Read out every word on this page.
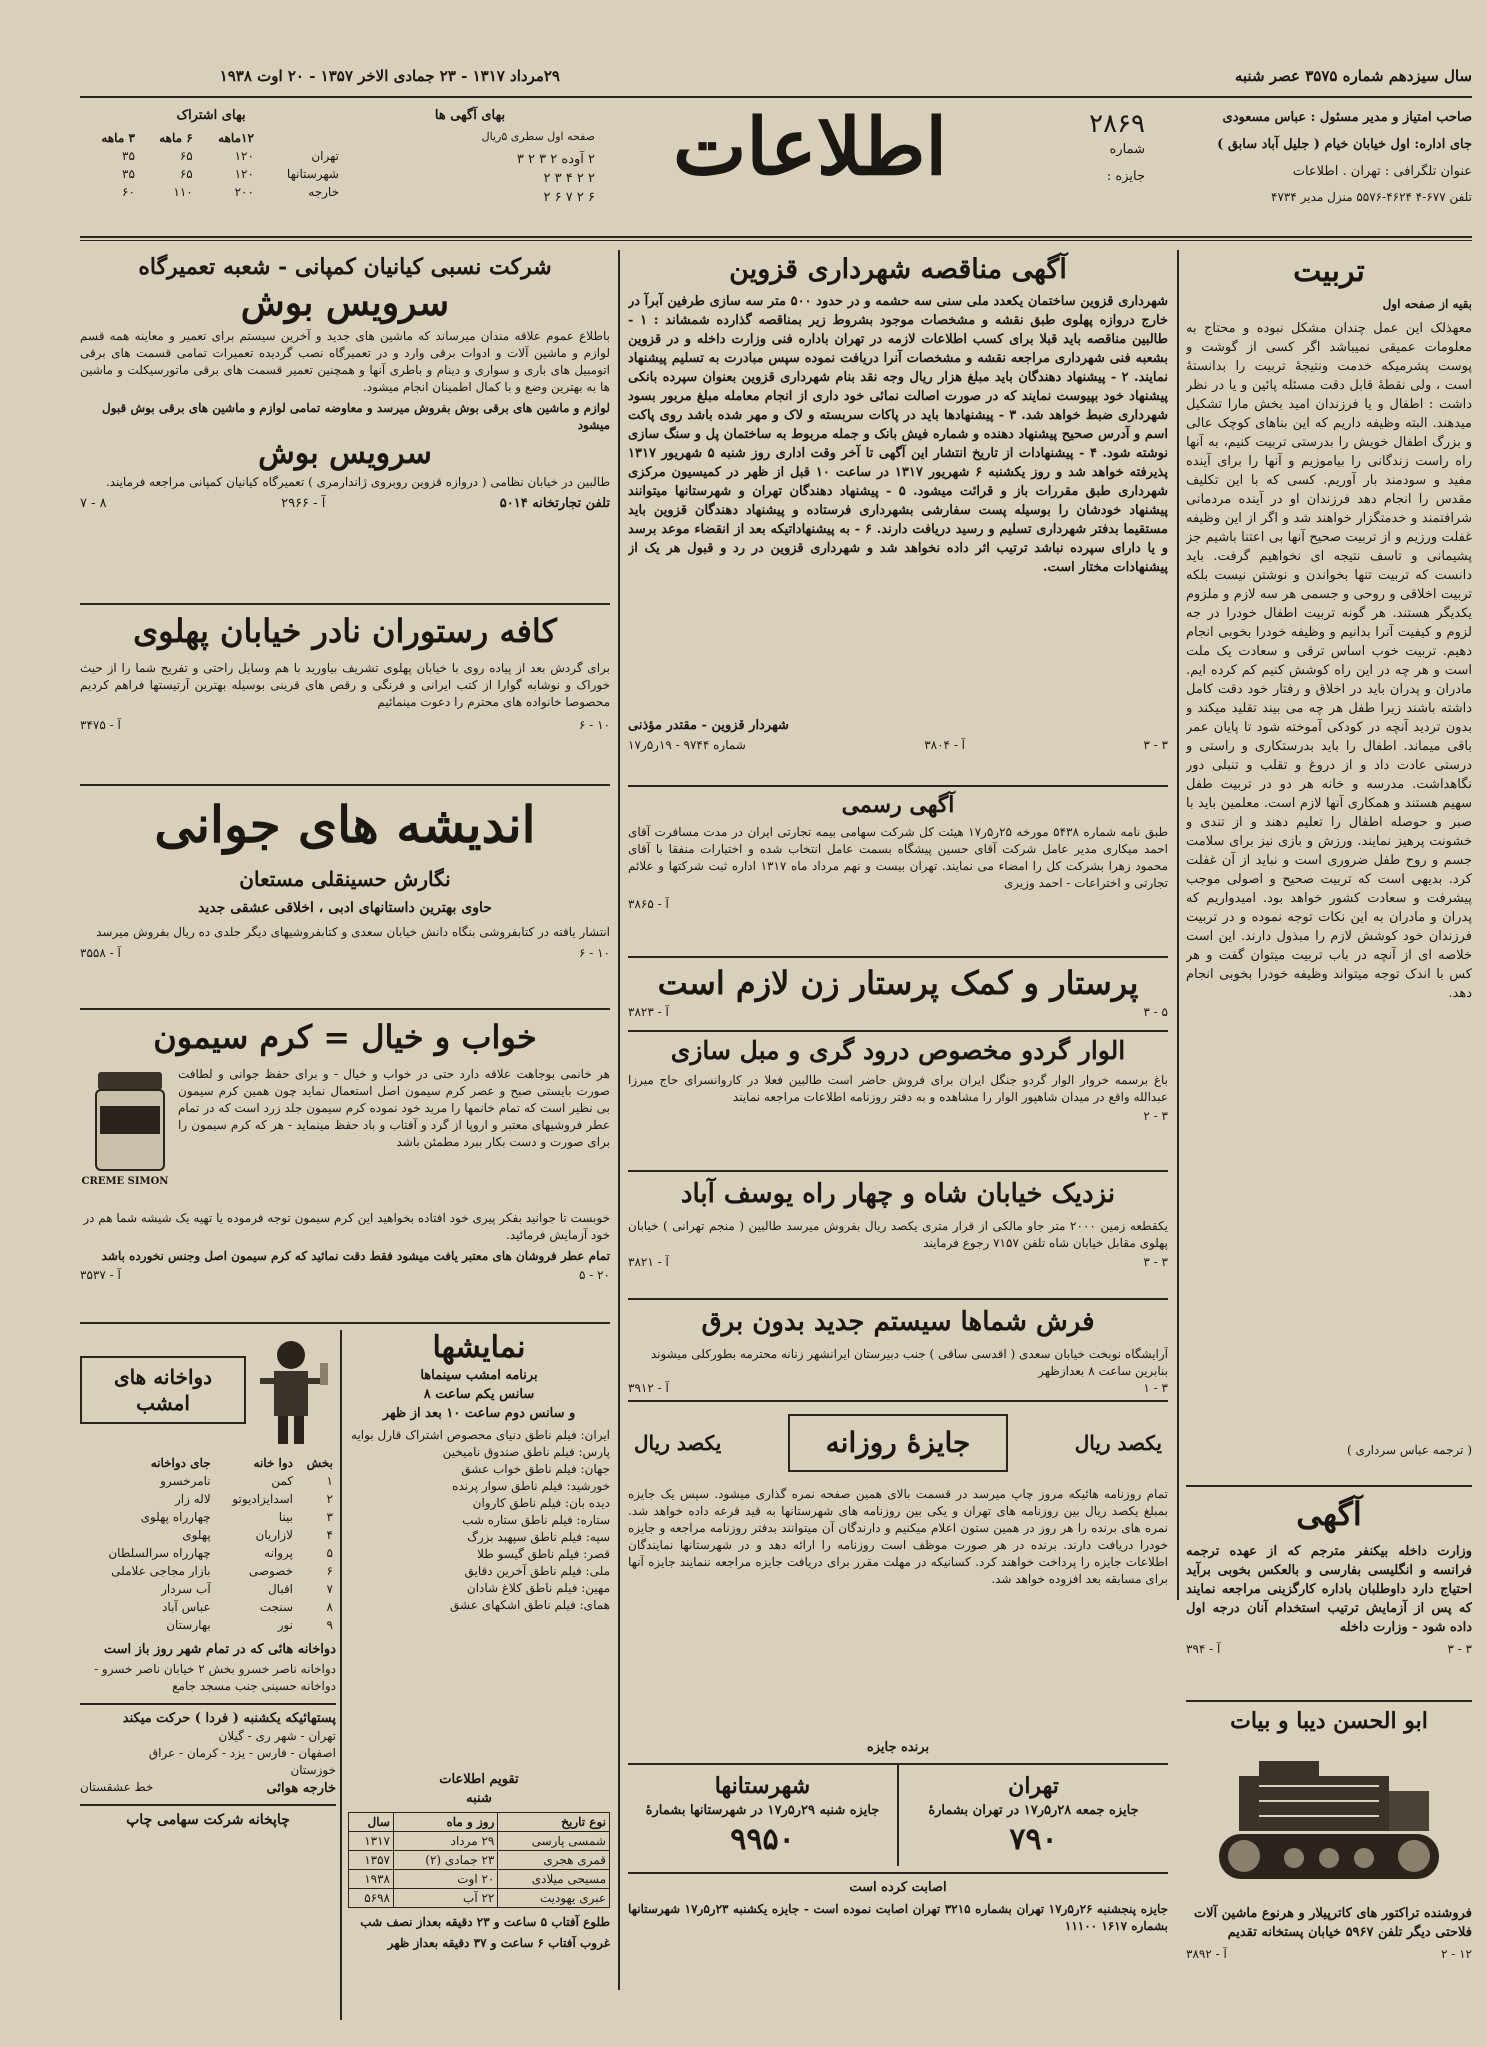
سال سیزدهم شماره ۳۵۷۵ عصر شنبه
۲۹مرداد ۱۳۱۷ - ۲۳ جمادی الاخر ۱۳۵۷ - ۲۰ اوت ۱۹۳۸
صاحب امتیاز و مدیر مسئول : عباس مسعودی
جای اداره: اول خیابان خیام ( جلیل آباد سابق )
عنوان تلگرافی : تهران . اطلاعات
تلفن ۶۷۷-۴ ۴۶۲۴-۵۵۷۶ منزل مدیر ۴۷۳۴
۲۸۶۹
شماره
جایزه :
اطلاعات
بهای آگهی ها
صفحه اول سطری ۵ریال
۲ آوده ۲ ۳ ۲ ۳
۲ ۲ ۴ ۳ ۲
۶ ۲ ۷ ۶ ۲
بهای اشتراک
	۱۲ماهه	۶ ماهه	۳ ماهه
تهران	۱۲۰	۶۵	۳۵
شهرستانها	۱۲۰	۶۵	۳۵
خارجه	۲۰۰	۱۱۰	۶۰
تربیت
بقیه از صفحه اول
معهذلک این عمل چندان مشکل نبوده و محتاج به معلومات عمیقی نمیباشد اگر کسی از گوشت و پوست پشرمیکه خدمت ونتیجهٔ تربیت را بدانستهٔ است ، ولی نقطهٔ قابل دقت مسئله پائین و یا در نظر داشت : اطفال و یا فرزندان امید بخش مارا تشکیل میدهند. البته وظیفه داریم که این بناهای کوچک عالی و بزرگ اطفال خویش را بدرستی تربیت کنیم، به آنها راه راست زندگانی را بیاموزیم و آنها را برای آینده مفید و سودمند بار آوریم. کسی که با این تکلیف مقدس را انجام دهد فرزندان او در آینده مردمانی شرافتمند و خدمتگزار خواهند شد و اگر از این وظیفه غفلت ورزیم و از تربیت صحیح آنها بی اعتنا باشیم جز پشیمانی و تاسف نتیجه ای نخواهیم گرفت. باید دانست که تربیت تنها بخواندن و نوشتن نیست بلکه تربیت اخلاقی و روحی و جسمی هر سه لازم و ملزوم یکدیگر هستند. هر گونه تربیت اطفال خودرا در جه لزوم و کیفیت آنرا بدانیم و وظیفه خودرا بخوبی انجام دهیم. تربیت خوب اساس ترقی و سعادت یک ملت است و هر چه در این راه کوشش کنیم کم کرده ایم. مادران و پدران باید در اخلاق و رفتار خود دقت کامل داشته باشند زیرا طفل هر چه می بیند تقلید میکند و بدون تردید آنچه در کودکی آموخته شود تا پایان عمر باقی میماند. اطفال را باید بدرستکاری و راستی و درستی عادت داد و از دروغ و تقلب و تنبلی دور نگاهداشت. مدرسه و خانه هر دو در تربیت طفل سهیم هستند و همکاری آنها لازم است. معلمین باید با صبر و حوصله اطفال را تعلیم دهند و از تندی و خشونت پرهیز نمایند. ورزش و بازی نیز برای سلامت جسم و روح طفل ضروری است و نباید از آن غفلت کرد. بدیهی است که تربیت صحیح و اصولی موجب پیشرفت و سعادت کشور خواهد بود. امیدواریم که پدران و مادران به این نکات توجه نموده و در تربیت فرزندان خود کوشش لازم را مبذول دارند. این است خلاصه ای از آنچه در باب تربیت میتوان گفت و هر کس با اندک توجه میتواند وظیفه خودرا بخوبی انجام دهد.
( ترجمه عباس سرداری )
آگهی
وزارت داخله بیکنفر مترجم که از عهده ترجمه فرانسه و انگلیسی بفارسی و بالعکس بخوبی برآید احتیاج دارد داوطلبان باداره کارگزینی مراجعه نمایند که پس از آزمایش ترتیب استخدام آنان درجه اول داده شود - وزارت داخله
آ - ۳۹۴	۳ - ۳
ابو الحسن دیبا و بیات
فروشنده تراکتور های کاترپیلار و هرنوع ماشین آلات فلاحتی دیگر تلفن ۵۹۶۷ خیابان پستخانه تقدیم
آ - ۳۸۹۲	۲ - ۱۲
آگهی مناقصه شهرداری قزوین
شهرداری قزوین ساختمان یکعدد ملی سنی سه حشمه و در حدود ۵۰۰ متر سه سازی طرفین آبرآ در خارج دروازه پهلوی طبق نقشه و مشخصات موجود بشروط زیر بمناقصه گذارده شمشاند : ۱ - طالبین مناقصه باید قبلا برای کسب اطلاعات لازمه در تهران باداره فنی وزارت داخله و در قزوین بشعبه فنی شهرداری مراجعه نقشه و مشخصات آنرا دریافت نموده سپس مبادرت به تسلیم پیشنهاد نمایند. ۲ - پیشنهاد دهندگان باید مبلغ هزار ریال وجه نقد بنام شهرداری قزوین بعنوان سپرده بانکی پیشنهاد خود بپیوست نمایند که در صورت اصالت نمائی خود داری از انجام معامله مبلغ مربور بسود شهرداری ضبط خواهد شد. ۳ - پیشنهادها باید در پاکات سربسته و لاک و مهر شده باشد روی پاکت اسم و آدرس صحیح پیشنهاد دهنده و شماره فیش بانک و جمله مربوط به ساختمان پل و سنگ سازی نوشته شود. ۴ - پیشنهادات از تاریخ انتشار این آگهی تا آخر وقت اداری روز شنبه ۵ شهریور ۱۳۱۷ پذیرفته خواهد شد و روز یکشنبه ۶ شهریور ۱۳۱۷ در ساعت ۱۰ قبل از ظهر در کمیسیون مرکزی شهرداری طبق مقررات باز و قرائت میشود. ۵ - پیشنهاد دهندگان تهران و شهرستانها میتوانند پیشنهاد خودشان را بوسیله پست سفارشی بشهرداری فرستاده و پیشنهاد دهندگان قزوین باید مستقیما بدفتر شهرداری تسلیم و رسید دریافت دارند. ۶ - به پیشنهاداتیکه بعد از انقضاء موعد برسد و یا دارای سپرده نباشد ترتیب اثر داده نخواهد شد و شهرداری قزوین در رد و قبول هر یک از پیشنهادات مختار است.
شهردار قزوین - مقتدر مؤذنی
شماره ۹۷۴۴ - ۱۹ر۵ر۱۷	آ - ۳۸۰۴	۳ - ۳
آگهی رسمی
طبق نامه شماره ۵۴۳۸ مورخه ۲۵ر۵ر۱۷ هیئت کل شرکت سهامی بیمه تجارتی ایران در مدت مسافرت آقای احمد میکاری مدیر عامل شرکت آقای حسین پیشگاه بسمت عامل انتخاب شده و اختیارات منفقا با آقای محمود زهرا بشرکت کل را امضاء می نمایند. تهران بیست و نهم مرداد ماه ۱۳۱۷ اداره ثبت شرکتها و علائم تجارتی و اختراعات - احمد وزیری
آ - ۳۸۶۵
پرستار و کمک پرستار زن لازم است
آ - ۳۸۲۳	۳ - ۵
الوار گردو مخصوص درود گری و مبل سازی
باغ برسمه خروار الوار گردو جنگل ایران برای فروش حاضر است طالبین فعلا در کاروانسرای حاج میرزا عبدالله واقع در میدان شاهپور الوار را مشاهده و به دفتر روزنامه اطلاعات مراجعه نمایند
۲ - ۳
نزدیک خیابان شاه و چهار راه یوسف آباد
یکقطعه زمین ۲۰۰۰ متر جاو مالکی از قرار متری یکصد ریال بفروش میرسد طالبین ( منجم تهرانی ) خیابان پهلوی مقابل خیابان شاه تلفن ۷۱۵۷ رجوع فرمایند
آ - ۳۸۲۱	۳ - ۳
فرش شماها سیستم جدید بدون برق
آرایشگاه نوبخت خیابان سعدی ( اقدسی ساقی ) جنب دبیرستان ایرانشهر زنانه محترمه بطورکلی میشوند بنابرین ساعت ۸ بعدازظهر
آ - ۳۹۱۲	۱ - ۳
یکصد ریال
جایزهٔ روزانه
یکصد ریال
تمام روزنامه هائیکه مروز چاپ میرسد در قسمت بالای همین صفحه نمره گذاری میشود. سپس یک جایزه بمبلغ یکصد ریال بین روزنامه های تهران و یکی بین روزنامه های شهرستانها به قید قرعه داده خواهد شد. نمره های برنده را هر روز در همین ستون اعلام میکنیم و دارندگان آن میتوانند بدفتر روزنامه مراجعه و جایزه خودرا دریافت دارند. برنده در هر صورت موظف است روزنامه را ارائه دهد و در شهرستانها نمایندگان اطلاعات جایزه را پرداخت خواهند کرد. کسانیکه در مهلت مقرر برای دریافت جایزه مراجعه ننمایند جایزه آنها برای مسابقه بعد افزوده خواهد شد.
برنده جایزه
تهران
جایزه جمعه ۲۸ر۵ر۱۷ در تهران بشمارهٔ
۷۹۰
شهرستانها
جایزه شنبه ۲۹ر۵ر۱۷ در شهرستانها بشمارهٔ
۹۹۵۰
اصابت کرده است
جایزه پنجشنبه ۲۶ر۵ر۱۷ تهران بشماره ۳۲۱۵ تهران اصابت نموده است - جایزه یکشنبه ۲۳ر۵ر۱۷ شهرستانها بشماره ۱۶۱۷ ۱۱۱۰۰
شرکت نسبی کیانیان کمپانی - شعبه تعمیرگاه
سرویس بوش
باطلاع عموم علاقه مندان میرساند که ماشین های جدید و آخرین سیستم برای تعمیر و معاینه همه قسم لوازم و ماشین آلات و ادوات برقی وارد و در تعمیرگاه نصب گردیده تعمیرات تمامی قسمت های برقی اتومبیل های باری و سواری و دینام و باطری آنها و همچنین تعمیر قسمت های برقی ماتورسیکلت و ماشین ها به بهترین وضع و با کمال اطمینان انجام میشود.
لوازم و ماشین های برقی بوش بفروش میرسد و معاوضه تمامی لوازم و ماشین های برقی بوش قبول میشود
سرویس بوش
طالبین در خیابان نظامی ( دروازه قزوین روبروی ژاندارمری ) تعمیرگاه کیانیان کمپانی مراجعه فرمایند.
تلفن تجارتخانه ۵۰۱۴
آ - ۲۹۶۶
۷ - ۸
کافه رستوران نادر خیابان پهلوی
برای گردش بعد از پیاده روی با خیابان پهلوی تشریف بیاورید با هم وسایل راحتی و تفریح شما را از حیث خوراک و نوشابه گوارا از کتب ایرانی و فرنگی و رقص های قرینی بوسیله بهترین آرتیستها فراهم کردیم محصوصا خانواده های محترم را دعوت مینمائیم
آ - ۳۴۷۵	۶ - ۱۰
اندیشه های جوانی
نگارش حسینقلی مستعان
حاوی بهترین داستانهای ادبی ، اخلاقی عشقی جدید
انتشار یافته در کتابفروشی بنگاه دانش خیابان سعدی و کتابفروشیهای دیگر جلدی ده ریال بفروش میرسد
آ - ۳۵۵۸	۶ - ۱۰
خواب و خیال = کرم سیمون
هر خانمی بوجاهت علاقه دارد حتی در خواب و خیال - و برای حفظ جوانی و لطافت صورت بایستی صبح و عصر کرم سیمون اصل استعمال نماید چون همین کرم سیمون بی نظیر است که تمام خانمها را مرید خود نموده کرم سیمون جلد زرد است که در تمام عطر فروشیهای معتبر و اروپا از گرد و آفتاب و باد حفظ مینماید - هر که کرم سیمون را برای صورت و دست بکار ببرد مطمئن باشد
CREME SIMON
خوبست تا جوانید بفکر پیری خود افتاده بخواهید این کرم سیمون توجه فرموده یا تهیه یک شیشه شما هم در خود آزمایش فرمائید.
تمام عطر فروشان های معتبر یافت میشود فقط دقت نمائید که کرم سیمون اصل وجنس نخورده باشد
آ - ۳۵۳۷	۵ - ۲۰
نمایشها
برنامه امشب سینماها
سانس یکم ساعت ۸
و سانس دوم ساعت ۱۰ بعد از ظهر
ایران: فیلم ناطق دنیای محصوص اشتراک قارل بوایه
پارس: فیلم ناطق صندوق نامیخین
جهان: فیلم ناطق خواب عشق
خورشید: فیلم ناطق سوار پرنده
دیده بان: فیلم ناطق کاروان
ستاره: فیلم ناطق ستاره شب
سپه: فیلم ناطق سپهبد بزرگ
قصر: فیلم ناطق گیسو طلا
ملی: فیلم ناطق آخرین دقایق
مهین: فیلم ناطق کلاغ شادان
همای: فیلم ناطق اشکهای عشق
تقویم اطلاعات
شنبه
نوع تاریخ	روز و ماه	سال
شمسی پارسی	۲۹ مرداد	۱۳۱۷
قمری هجری	۲۳ جمادی (۲)	۱۳۵۷
مسیحی میلادی	۲۰ اوت	۱۹۳۸
عبری یهودیت	۲۲ آب	۵۶۹۸
طلوع آفتاب ۵ ساعت و ۲۳ دقیقه بعداز نصف شب
غروب آفتاب ۶ ساعت و ۳۷ دقیقه بعداز ظهر
دواخانه های امشب
بخش	دوا خانه	جای دواخانه
۱	کمن	نامرخسرو
۲	اسدایزادیوتو	لاله زار
۳	بینا	چهارراه پهلوی
۴	لازاریان	پهلوی
۵	پروانه	چهارراه سرالسلطان
۶	خصوصی	بازار مجاجی علاملی
۷	اقبال	آب سردار
۸	سنجت	عباس آباد
۹	نور	بهارستان
دواخانه هائی که در تمام شهر روز باز است
دواخانه ناصر خسرو بخش ۲ خیابان ناصر خسرو - دواخانه حسینی جنب مسجد جامع
پستهائیکه یکشنبه ( فردا ) حرکت میکند
تهران - شهر ری - گیلان
اصفهان - فارس - یزد - کرمان - عراق
خوزستان
خارجه هوائی
خط عشقستان
چاپخانه شرکت سهامی چاپ
